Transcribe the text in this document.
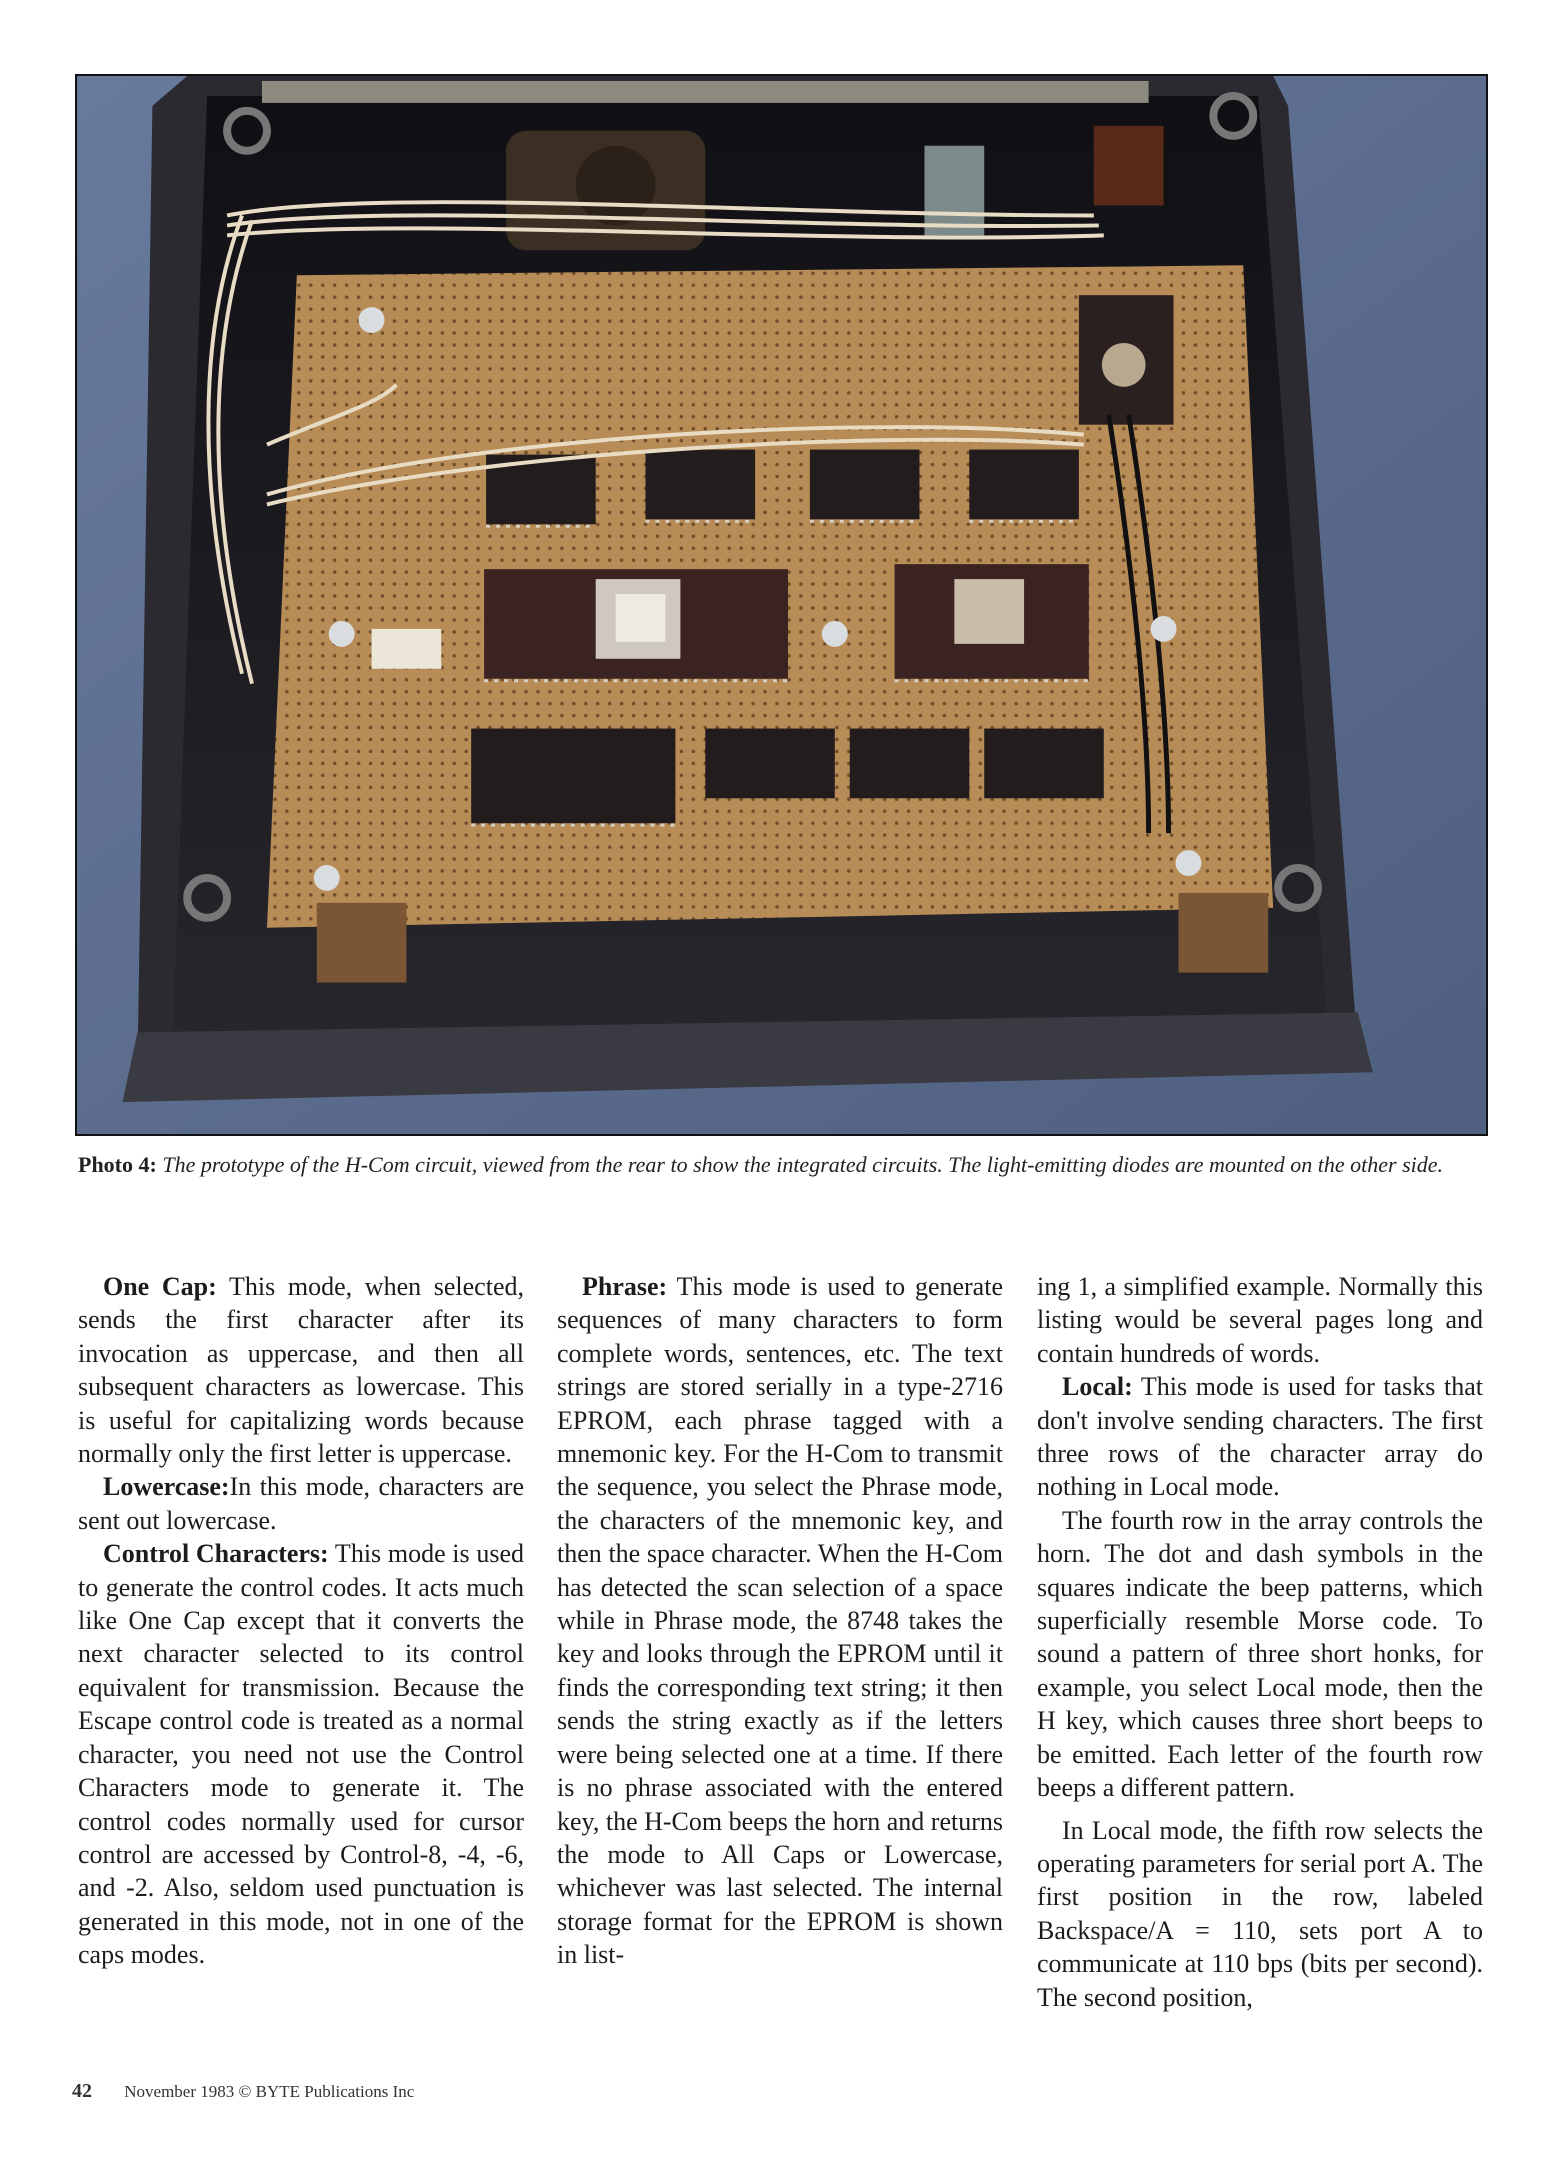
Photo 4: The prototype of the H-Com circuit, viewed from the rear to show the integrated circuits. The light-emitting diodes are mounted on the other side.

One Cap: This mode, when selected, sends the first character after its invocation as uppercase, and then all subsequent characters as lowercase. This is useful for capitalizing words because normally only the first letter is uppercase.

Lowercase:In this mode, characters are sent out lowercase.

Control Characters: This mode is used to generate the control codes. It acts much like One Cap except that it converts the next character selected to its control equivalent for transmission. Because the Escape control code is treated as a normal character, you need not use the Control Characters mode to generate it. The control codes normally used for cursor control are accessed by Control-8, -4, -6, and -2. Also, seldom used punctuation is generated in this mode, not in one of the caps modes.

Phrase: This mode is used to generate sequences of many characters to form complete words, sentences, etc. The text strings are stored serially in a type-2716 EPROM, each phrase tagged with a mnemonic key. For the H-Com to transmit the sequence, you select the Phrase mode, the characters of the mnemonic key, and then the space character. When the H-Com has detected the scan selection of a space while in Phrase mode, the 8748 takes the key and looks through the EPROM until it finds the corresponding text string; it then sends the string exactly as if the letters were being selected one at a time. If there is no phrase associated with the entered key, the H-Com beeps the horn and returns the mode to All Caps or Lowercase, whichever was last selected. The internal storage format for the EPROM is shown in list-

ing 1, a simplified example. Normally this listing would be several pages long and contain hundreds of words.

Local: This mode is used for tasks that don't involve sending characters. The first three rows of the character array do nothing in Local mode.

The fourth row in the array controls the horn. The dot and dash symbols in the squares indicate the beep patterns, which superficially resemble Morse code. To sound a pattern of three short honks, for example, you select Local mode, then the H key, which causes three short beeps to be emitted. Each letter of the fourth row beeps a different pattern.

In Local mode, the fifth row selects the operating parameters for serial port A. The first position in the row, labeled Backspace/A = 110, sets port A to communicate at 110 bps (bits per second). The second position,

42 November 1983 © BYTE Publications Inc
